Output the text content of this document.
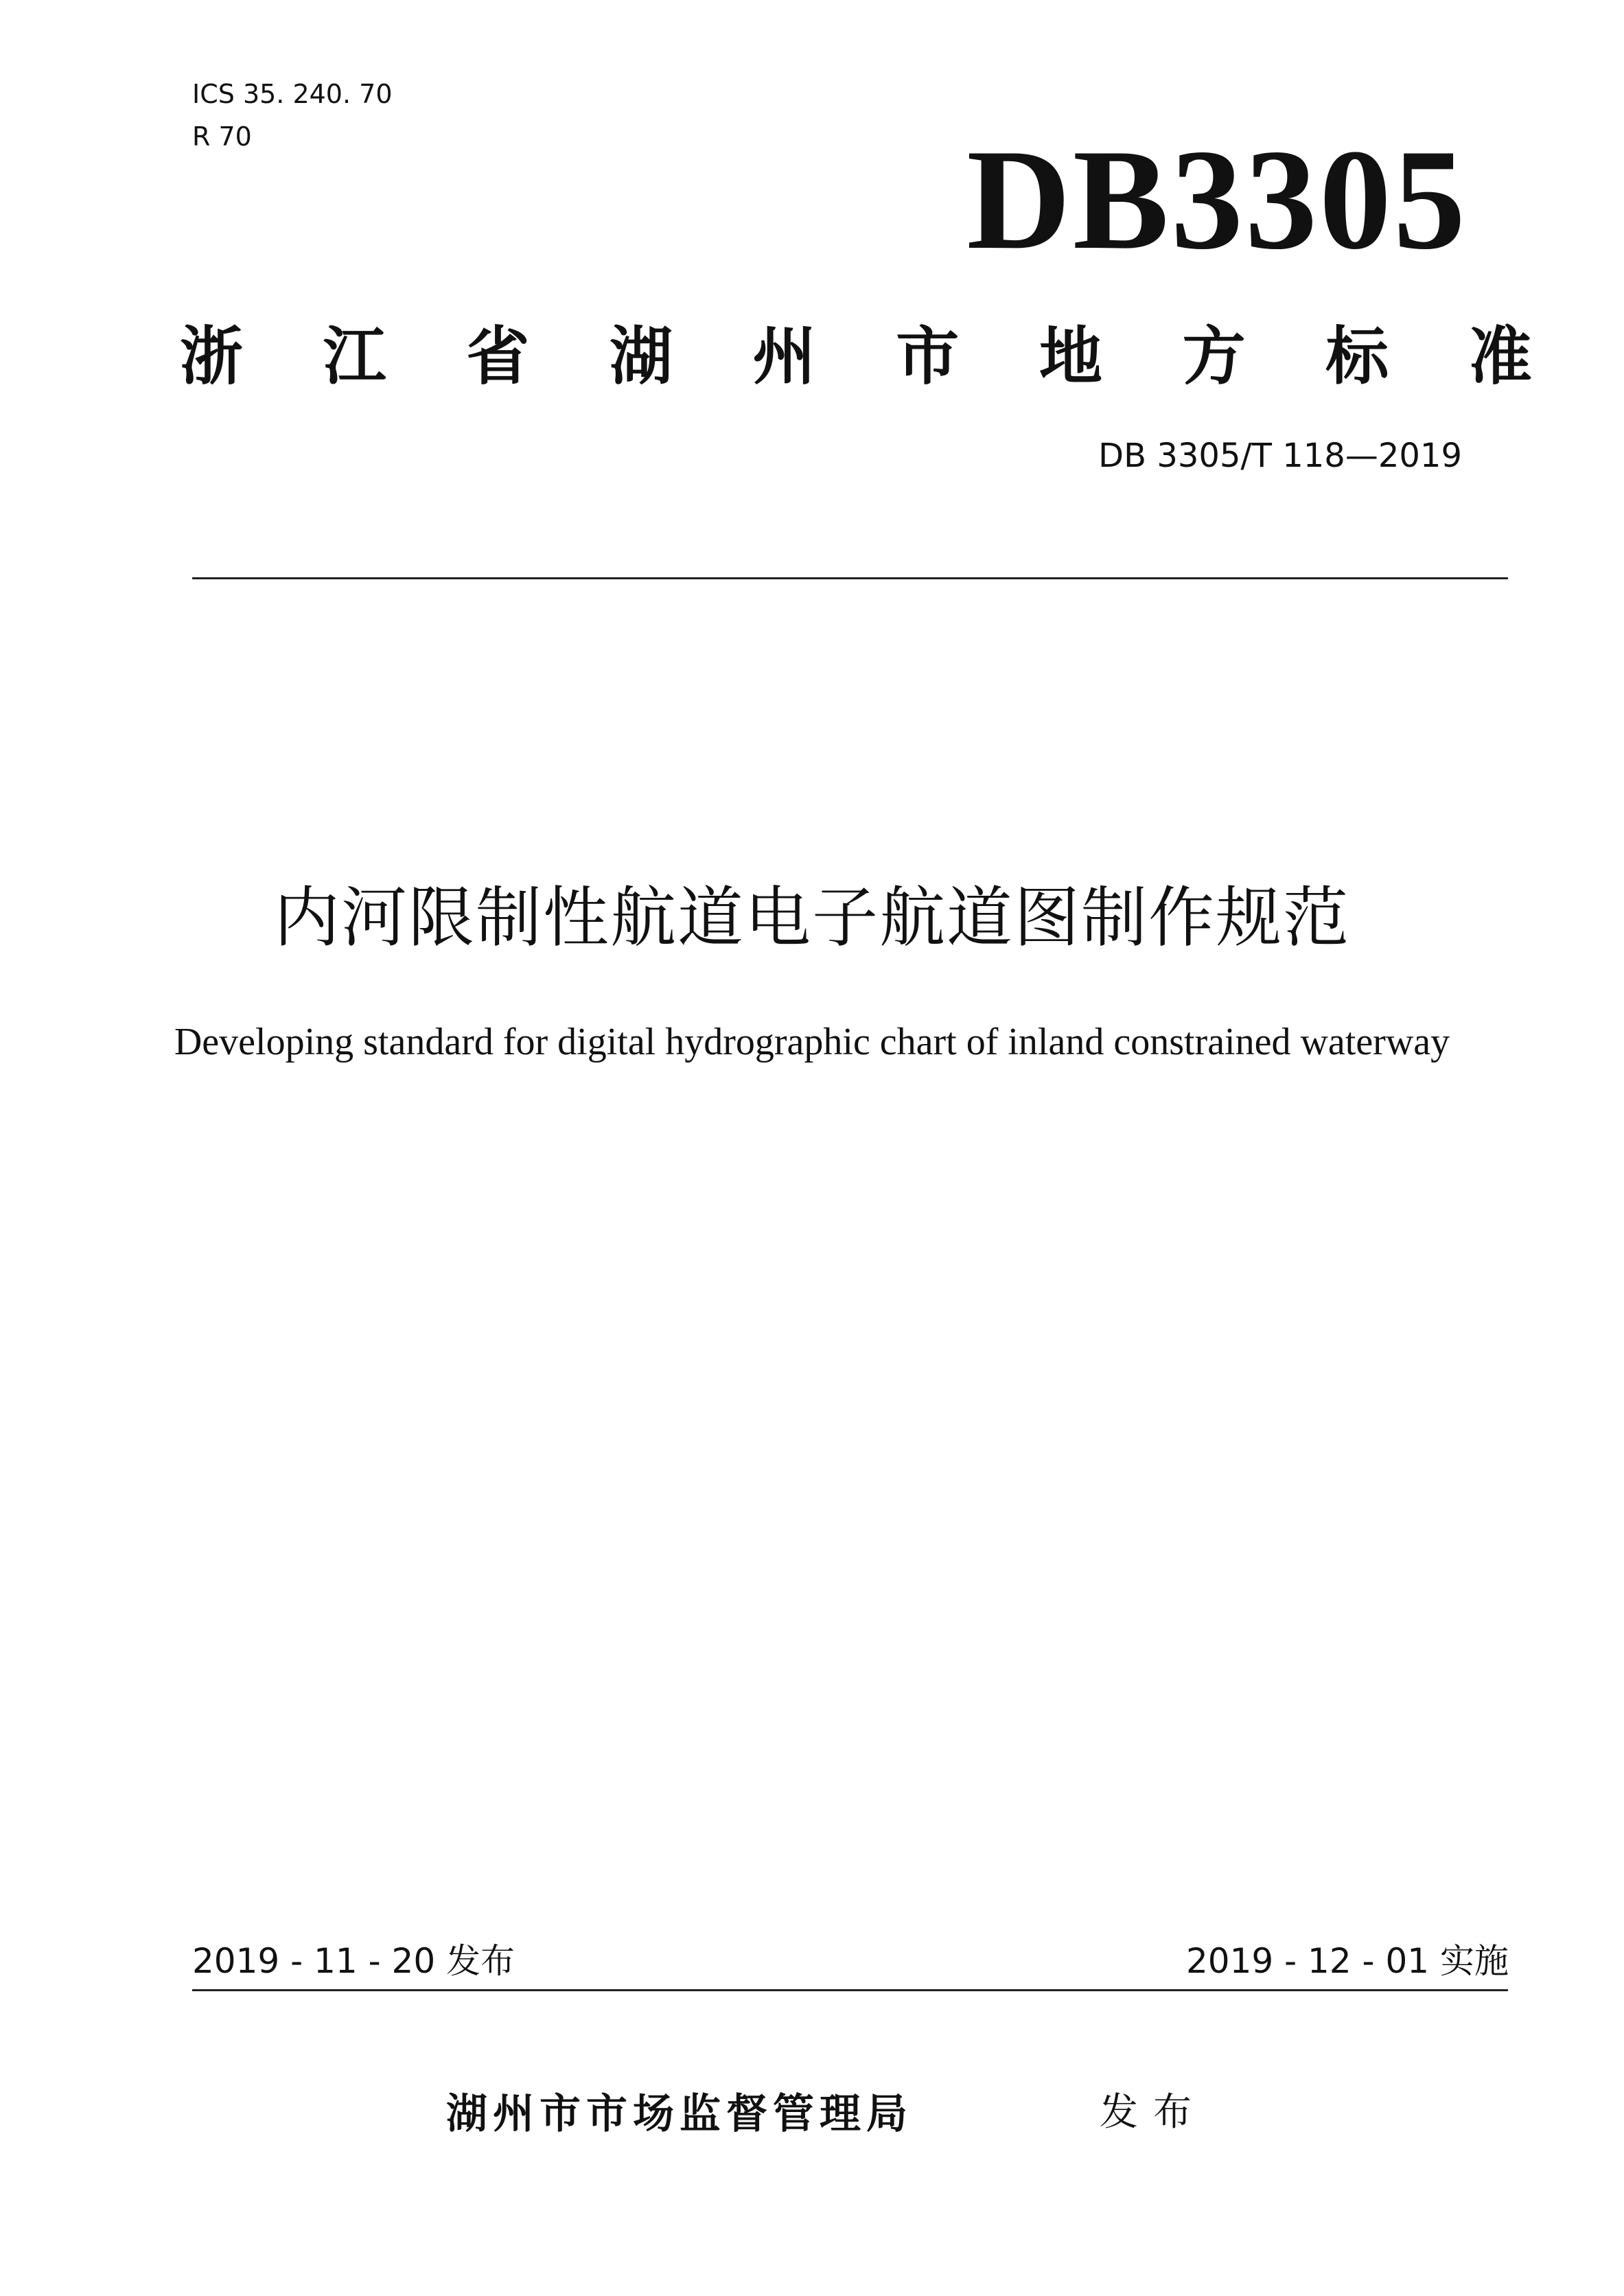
ICS 35. 240. 70
R 70	DB3305
浙 江 省 湖 州 市 地 方 标 准
DB 3305/T 118—2019
内河限制性航道电子航道图制作规范
Developing standard for digital hydrographic chart of inland constrained waterway
2019 - 11 - 20 发布	2019 - 12 - 01 实施
湖州市市场监督管理局	发布
